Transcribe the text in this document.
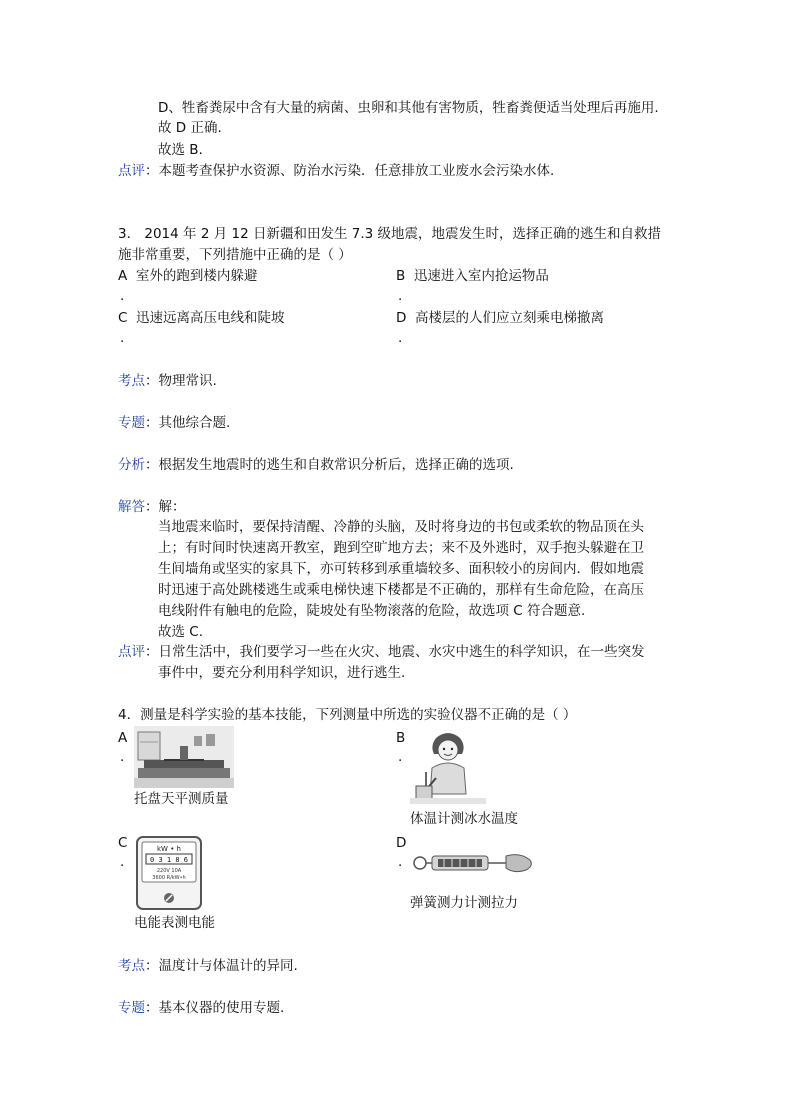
D、牲畜粪尿中含有大量的病菌、虫卵和其他有害物质，牲畜粪便适当处理后再施用.
故 D 正确.
故选 B.
点评：本题考查保护水资源、防治水污染．任意排放工业废水会污染水体.
3． 2014 年 2 月 12 日新疆和田发生 7.3 级地震，地震发生时，选择正确的逃生和自救措
施非常重要，下列措施中正确的是（ ）
A 室外的跑到楼内躲避
.
B 迅速进入室内抢运物品
.
C 迅速远离高压电线和陡坡
.
D 高楼层的人们应立刻乘电梯撤离
.
考点：物理常识.
专题：其他综合题.
分析：根据发生地震时的逃生和自救常识分析后，选择正确的选项.
解答：解：
当地震来临时，要保持清醒、冷静的头脑，及时将身边的书包或柔软的物品顶在头
上；有时间时快速离开教室，跑到空旷地方去；来不及外逃时，双手抱头躲避在卫
生间墙角或坚实的家具下，亦可转移到承重墙较多、面积较小的房间内．假如地震
时迅速于高处跳楼逃生或乘电梯快速下楼都是不正确的，那样有生命危险，在高压
电线附件有触电的危险，陡坡处有坠物滚落的危险，故选项 C 符合题意.
故选 C.
点评：日常生活中，我们要学习一些在火灾、地震、水灾中逃生的科学知识，在一些突发
事件中，要充分利用科学知识，进行逃生.
4．测量是科学实验的基本技能，下列测量中所选的实验仪器不正确的是（ ）
A
.
托盘天平测质量
B
.
体温计测冰水温度
C
.
kW • h
0 3 1 8 6
220V 10A
3600 R/kW•h
电能表测电能
D
.
弹簧测力计测拉力
考点：温度计与体温计的异同.
专题：基本仪器的使用专题.
